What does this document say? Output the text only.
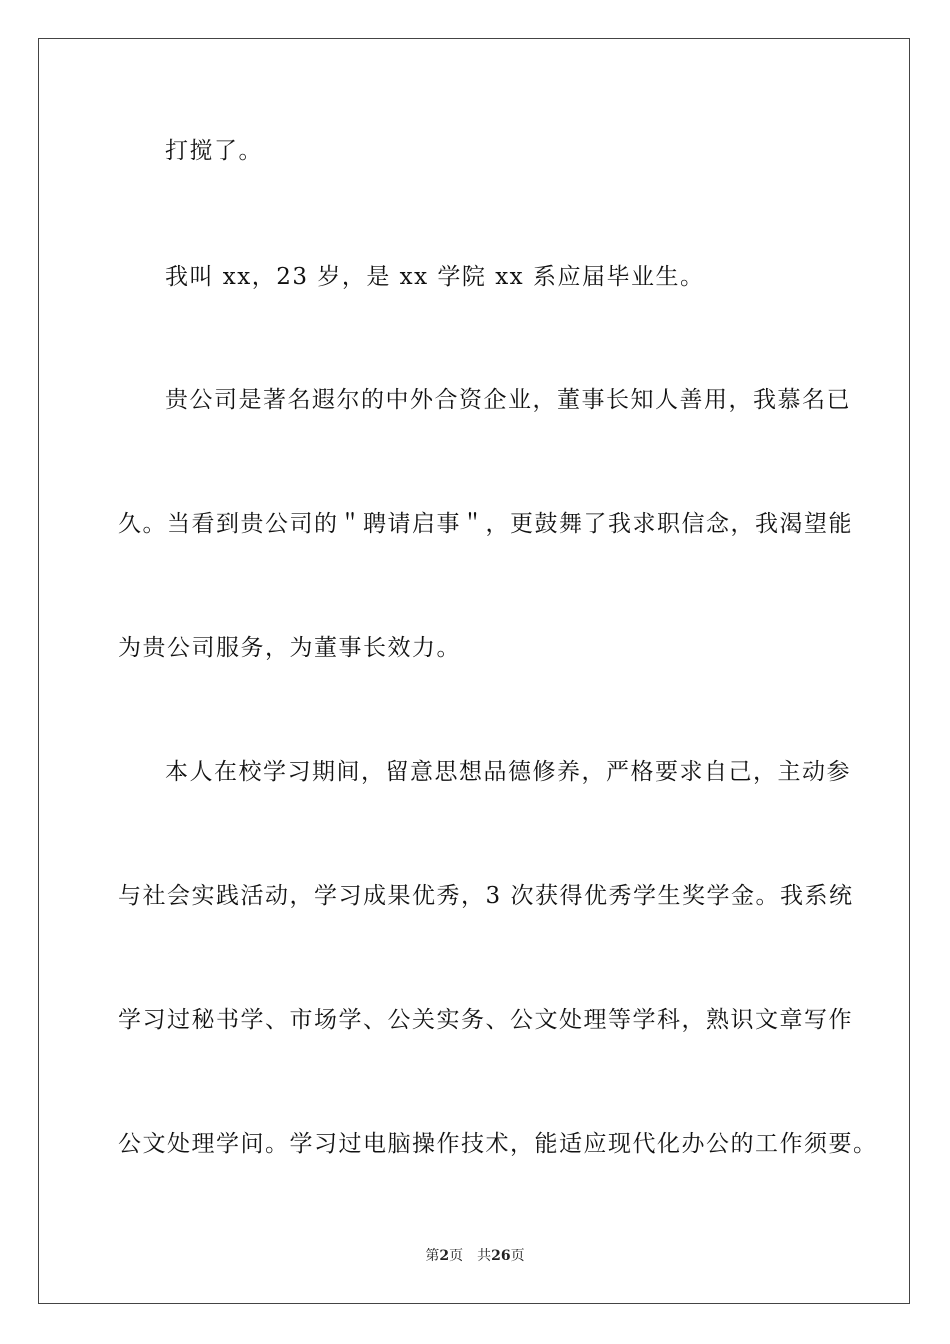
打搅了。
我叫 xx，23 岁，是 xx 学院 xx 系应届毕业生。
贵公司是著名遐尔的中外合资企业，董事长知人善用，我慕名已
久。当看到贵公司的＂聘请启事＂，更鼓舞了我求职信念，我渴望能
为贵公司服务，为董事长效力。
本人在校学习期间，留意思想品德修养，严格要求自己，主动参
与社会实践活动，学习成果优秀，3 次获得优秀学生奖学金。我系统
学习过秘书学、市场学、公关实务、公文处理等学科，熟识文章写作
公文处理学问。学习过电脑操作技术，能适应现代化办公的工作须要。
第2页 共26页
